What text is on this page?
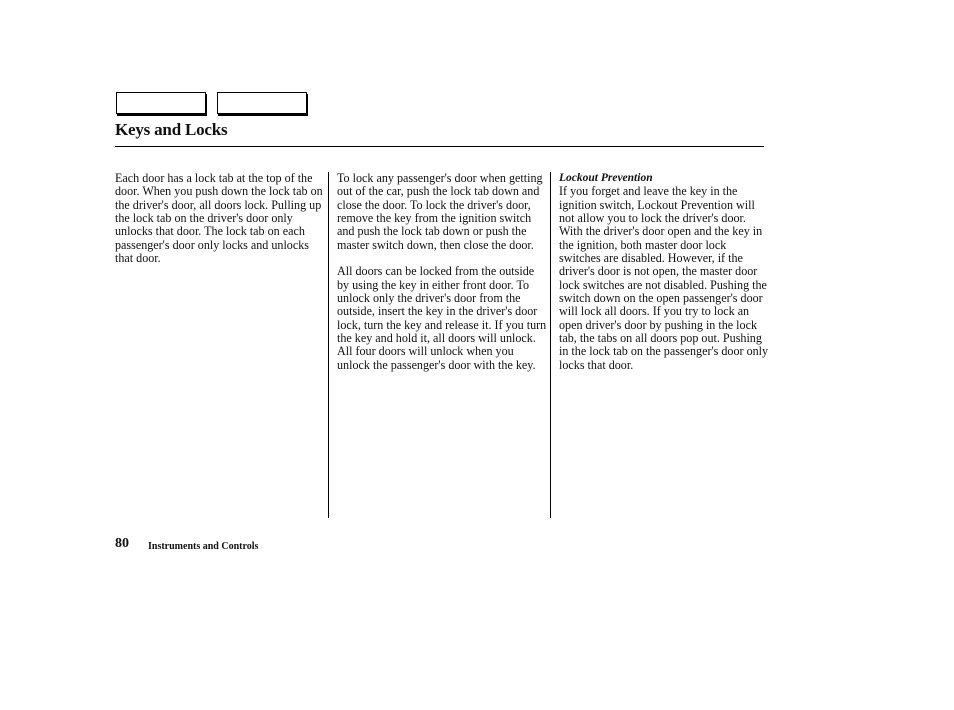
Keys and Locks

Each door has a lock tab at the top of the door. When you push down the lock tab on the driver's door, all doors lock. Pulling up the lock tab on the driver's door only unlocks that door. The lock tab on each passenger's door only locks and unlocks that door.

To lock any passenger's door when getting out of the car, push the lock tab down and close the door. To lock the driver's door, remove the key from the ignition switch and push the lock tab down or push the master switch down, then close the door.

All doors can be locked from the outside by using the key in either front door. To unlock only the driver's door from the outside, insert the key in the driver's door lock, turn the key and release it. If you turn the key and hold it, all doors will unlock. All four doors will unlock when you unlock the passenger's door with the key.

Lockout Prevention

If you forget and leave the key in the ignition switch, Lockout Prevention will not allow you to lock the driver's door. With the driver's door open and the key in the ignition, both master door lock switches are disabled. However, if the driver's door is not open, the master door lock switches are not disabled. Pushing the switch down on the open passenger's door will lock all doors. If you try to lock an open driver's door by pushing in the lock tab, the tabs on all doors pop out. Pushing in the lock tab on the passenger's door only locks that door.

80 Instruments and Controls
